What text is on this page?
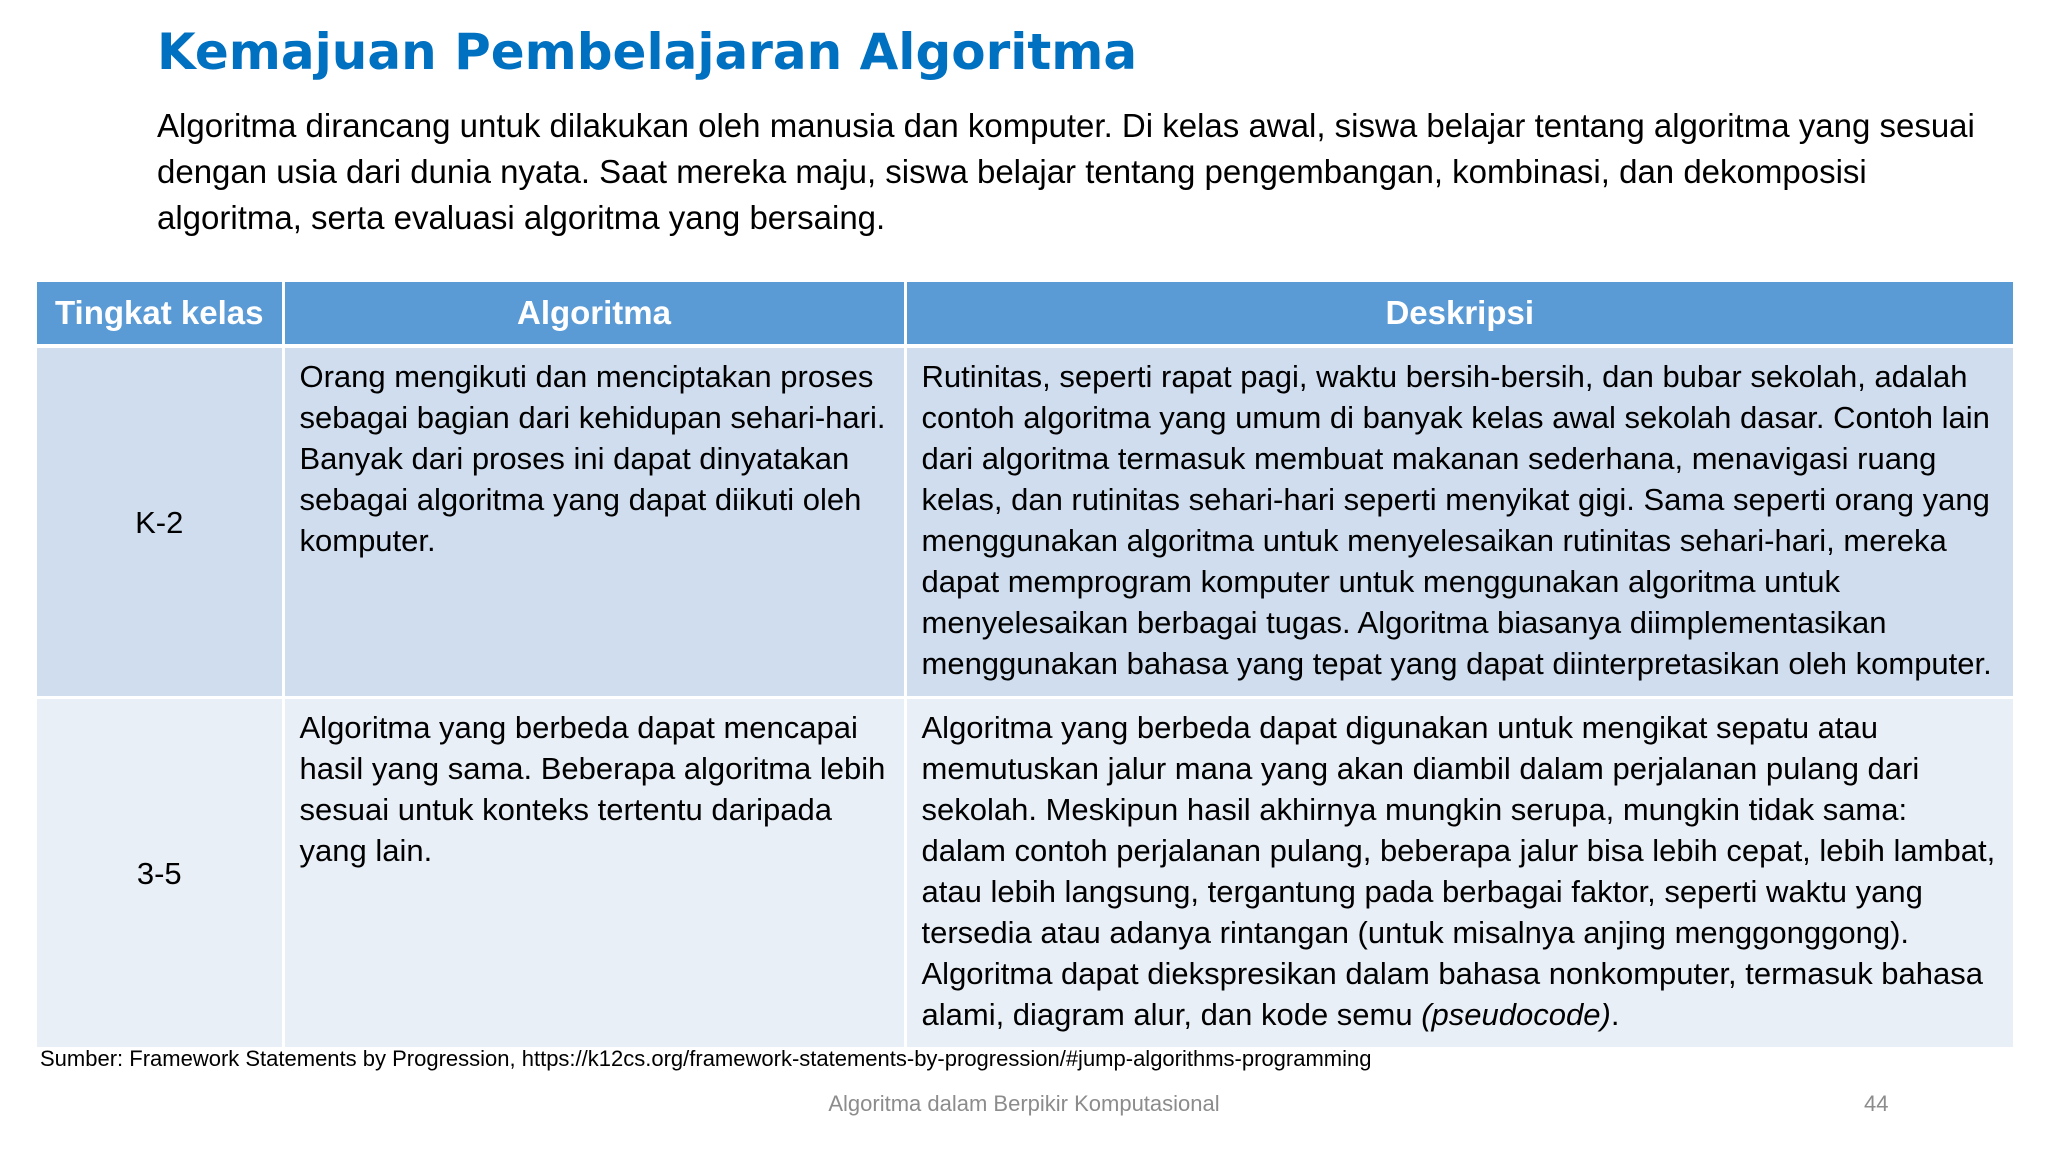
Kemajuan Pembelajaran Algoritma

Algoritma dirancang untuk dilakukan oleh manusia dan komputer. Di kelas awal, siswa belajar tentang algoritma yang sesuai dengan usia dari dunia nyata. Saat mereka maju, siswa belajar tentang pengembangan, kombinasi, dan dekomposisi algoritma, serta evaluasi algoritma yang bersaing.

Tingkat kelas	Algoritma	Deskripsi
K-2	Orang mengikuti dan menciptakan proses sebagai bagian dari kehidupan sehari-hari. Banyak dari proses ini dapat dinyatakan sebagai algoritma yang dapat diikuti oleh komputer.	Rutinitas, seperti rapat pagi, waktu bersih-bersih, dan bubar sekolah, adalah contoh algoritma yang umum di banyak kelas awal sekolah dasar. Contoh lain dari algoritma termasuk membuat makanan sederhana, menavigasi ruang kelas, dan rutinitas sehari-hari seperti menyikat gigi. Sama seperti orang yang menggunakan algoritma untuk menyelesaikan rutinitas sehari-hari, mereka dapat memprogram komputer untuk menggunakan algoritma untuk menyelesaikan berbagai tugas. Algoritma biasanya diimplementasikan menggunakan bahasa yang tepat yang dapat diinterpretasikan oleh komputer.
3-5	Algoritma yang berbeda dapat mencapai hasil yang sama. Beberapa algoritma lebih sesuai untuk konteks tertentu daripada yang lain.	Algoritma yang berbeda dapat digunakan untuk mengikat sepatu atau memutuskan jalur mana yang akan diambil dalam perjalanan pulang dari sekolah. Meskipun hasil akhirnya mungkin serupa, mungkin tidak sama: dalam contoh perjalanan pulang, beberapa jalur bisa lebih cepat, lebih lambat, atau lebih langsung, tergantung pada berbagai faktor, seperti waktu yang tersedia atau adanya rintangan (untuk misalnya anjing menggonggong). Algoritma dapat diekspresikan dalam bahasa nonkomputer, termasuk bahasa alami, diagram alur, dan kode semu (pseudocode).
Sumber: Framework Statements by Progression, https://k12cs.org/framework-statements-by-progression/#jump-algorithms-programming
Algoritma dalam Berpikir Komputasional	44
